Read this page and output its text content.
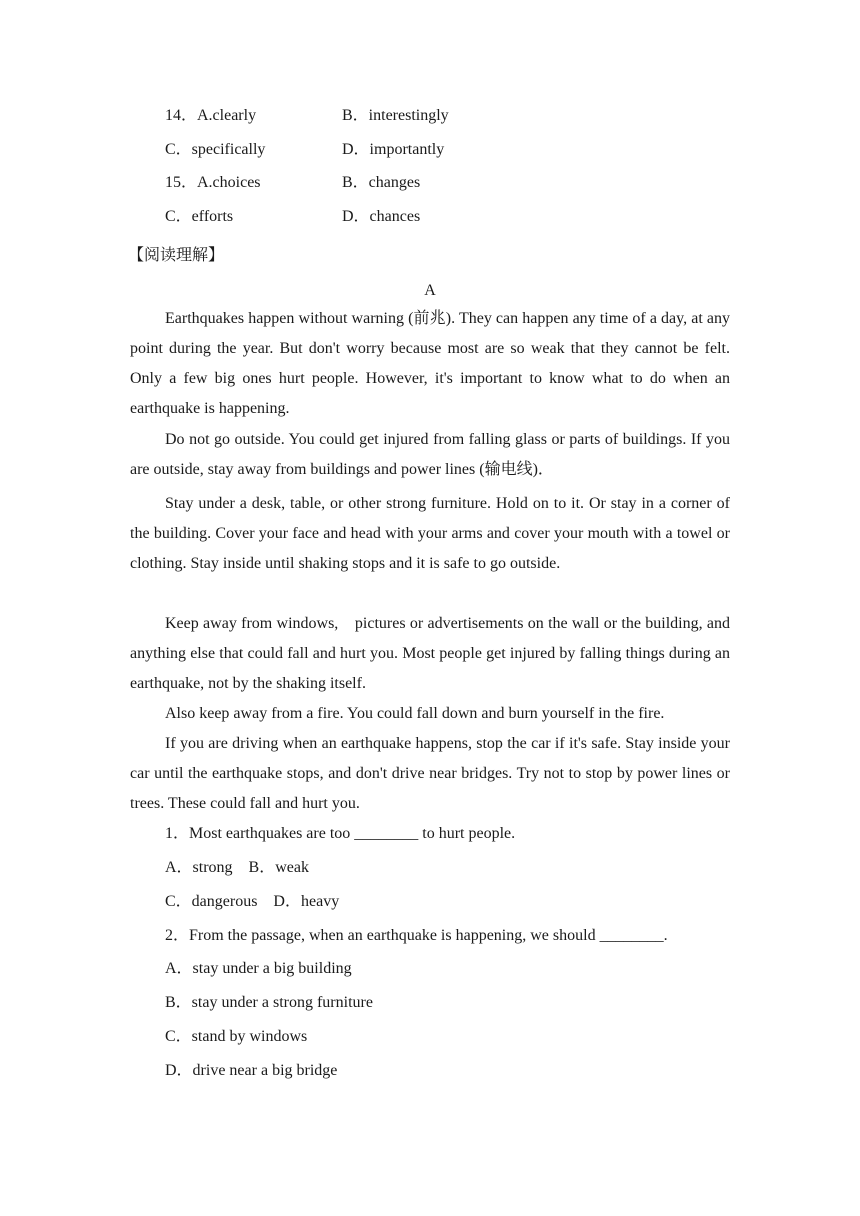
14．A.clearly	B．interestingly
C．specifically	D．importantly
15．A.choices	B．changes
C．efforts	D．chances
【阅读理解】
A

Earthquakes happen without warning (前兆). They can happen any time of a day, at any point during the year. But don't worry because most are so weak that they cannot be felt. Only a few big ones hurt people. However, it's important to know what to do when an earthquake is happening.

Do not go outside. You could get injured from falling glass or parts of buildings. If you are outside, stay away from buildings and power lines (输电线)．

Stay under a desk, table, or other strong furniture. Hold on to it. Or stay in a corner of the building. Cover your face and head with your arms and cover your mouth with a towel or clothing. Stay inside until shaking stops and it is safe to go outside.

Keep away from windows,　pictures or advertisements on the wall or the building, and anything else that could fall and hurt you. Most people get injured by falling things during an earthquake, not by the shaking itself.

Also keep away from a fire. You could fall down and burn yourself in the fire.

If you are driving when an earthquake happens, stop the car if it's safe. Stay inside your car until the earthquake stops, and don't drive near bridges. Try not to stop by power lines or trees. These could fall and hurt you.

1．Most earthquakes are too ________ to hurt people.
A．strong　B．weak
C．dangerous　D．heavy
2．From the passage, when an earthquake is happening, we should ________.
A．stay under a big building
B．stay under a strong furniture
C．stand by windows
D．drive near a big bridge
